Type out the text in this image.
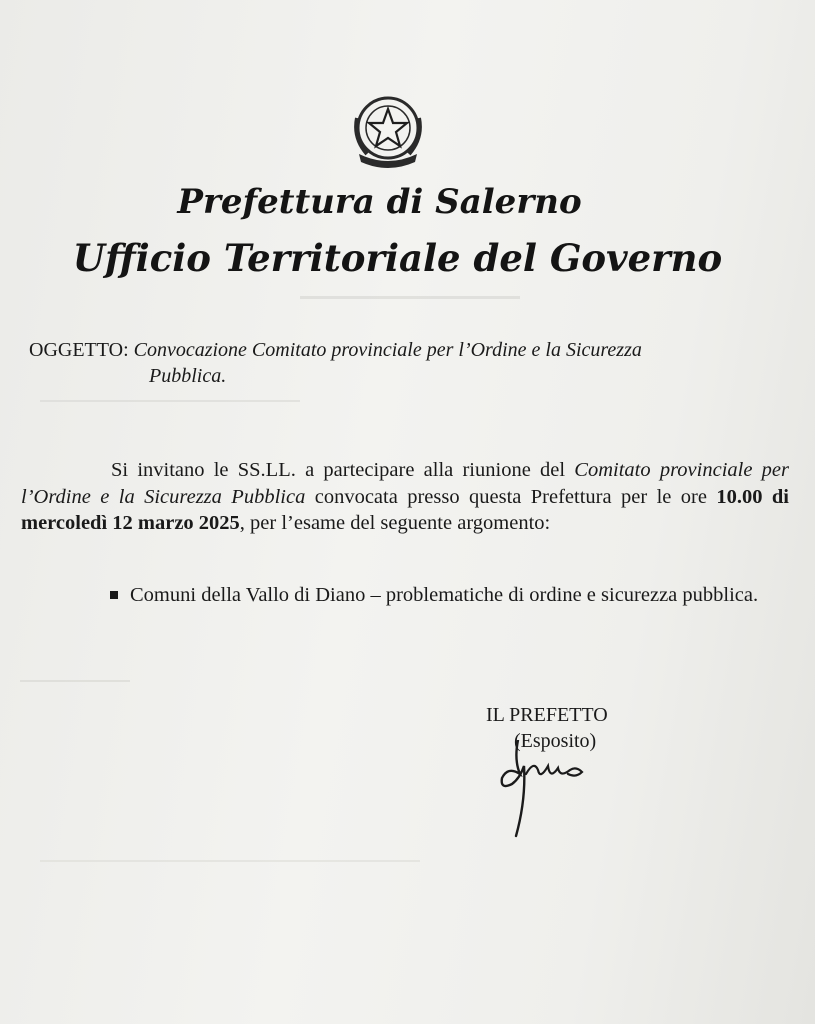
Prefettura di Salerno
Ufficio Territoriale del Governo
OGGETTO: Convocazione Comitato provinciale per l’Ordine e la Sicurezza
Pubblica.
Si invitano le SS.LL. a partecipare alla riunione del Comitato provinciale per l’Ordine e la Sicurezza Pubblica convocata presso questa Prefettura per le ore 10.00 di mercoledì 12 marzo 2025, per l’esame del seguente argomento:
Comuni della Vallo di Diano – problematiche di ordine e sicurezza pubblica.
IL PREFETTO
(Esposito)
